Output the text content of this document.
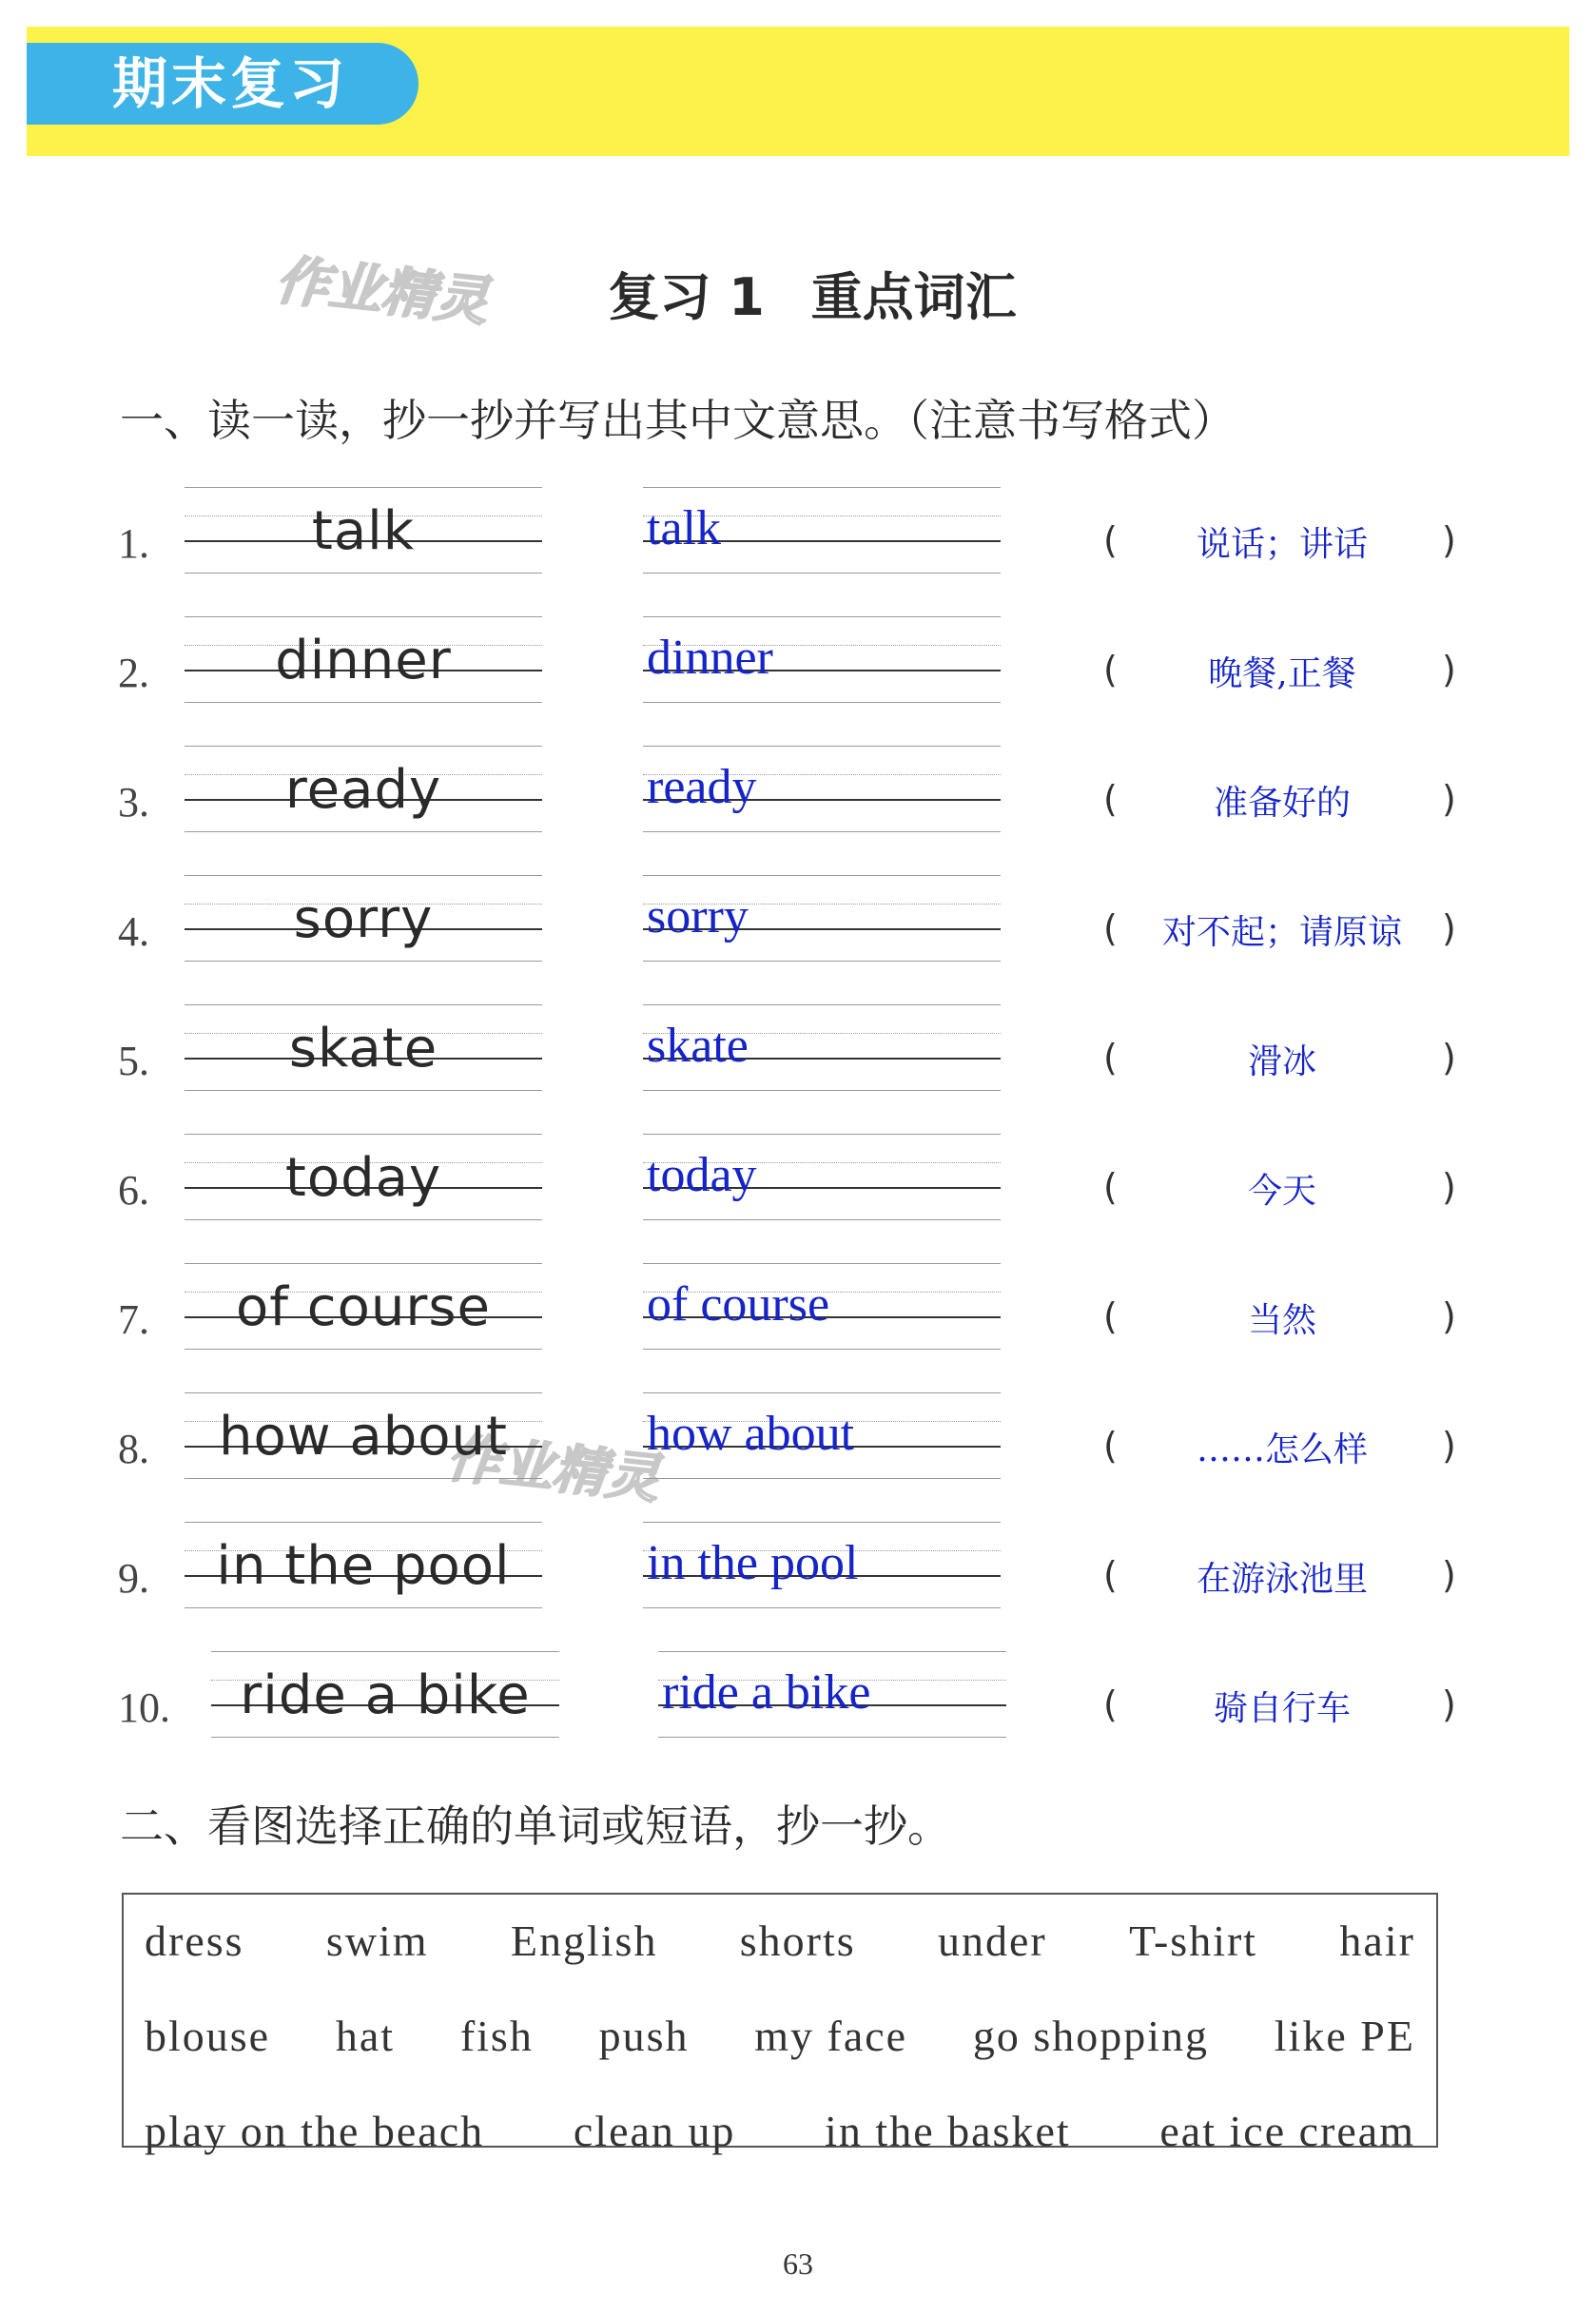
期末复习
作业精灵
作业精灵
复习 1 重点词汇
一、读一读，抄一抄并写出其中文意思。（注意书写格式）
1.	talk	talk	(	说话；讲话	)
2.	dinner	dinner	(	晚餐,正餐	)
3.	ready	ready	(	准备好的	)
4.	sorry	sorry	(	对不起；请原谅	)
5.	skate	skate	(	滑冰	)
6.	today	today	(	今天	)
7.	of course	of course	(	当然	)
8.	how about	how about	(	……怎么样	)
9.	in the pool	in the pool	(	在游泳池里	)
10.	ride a bike	ride a bike	(	骑自行车	)
二、看图选择正确的单词或短语，抄一抄。
dress swim English shorts under T-shirt hair
blouse hat fish push my face go shopping like PE
play on the beach clean up in the basket eat ice cream
63
